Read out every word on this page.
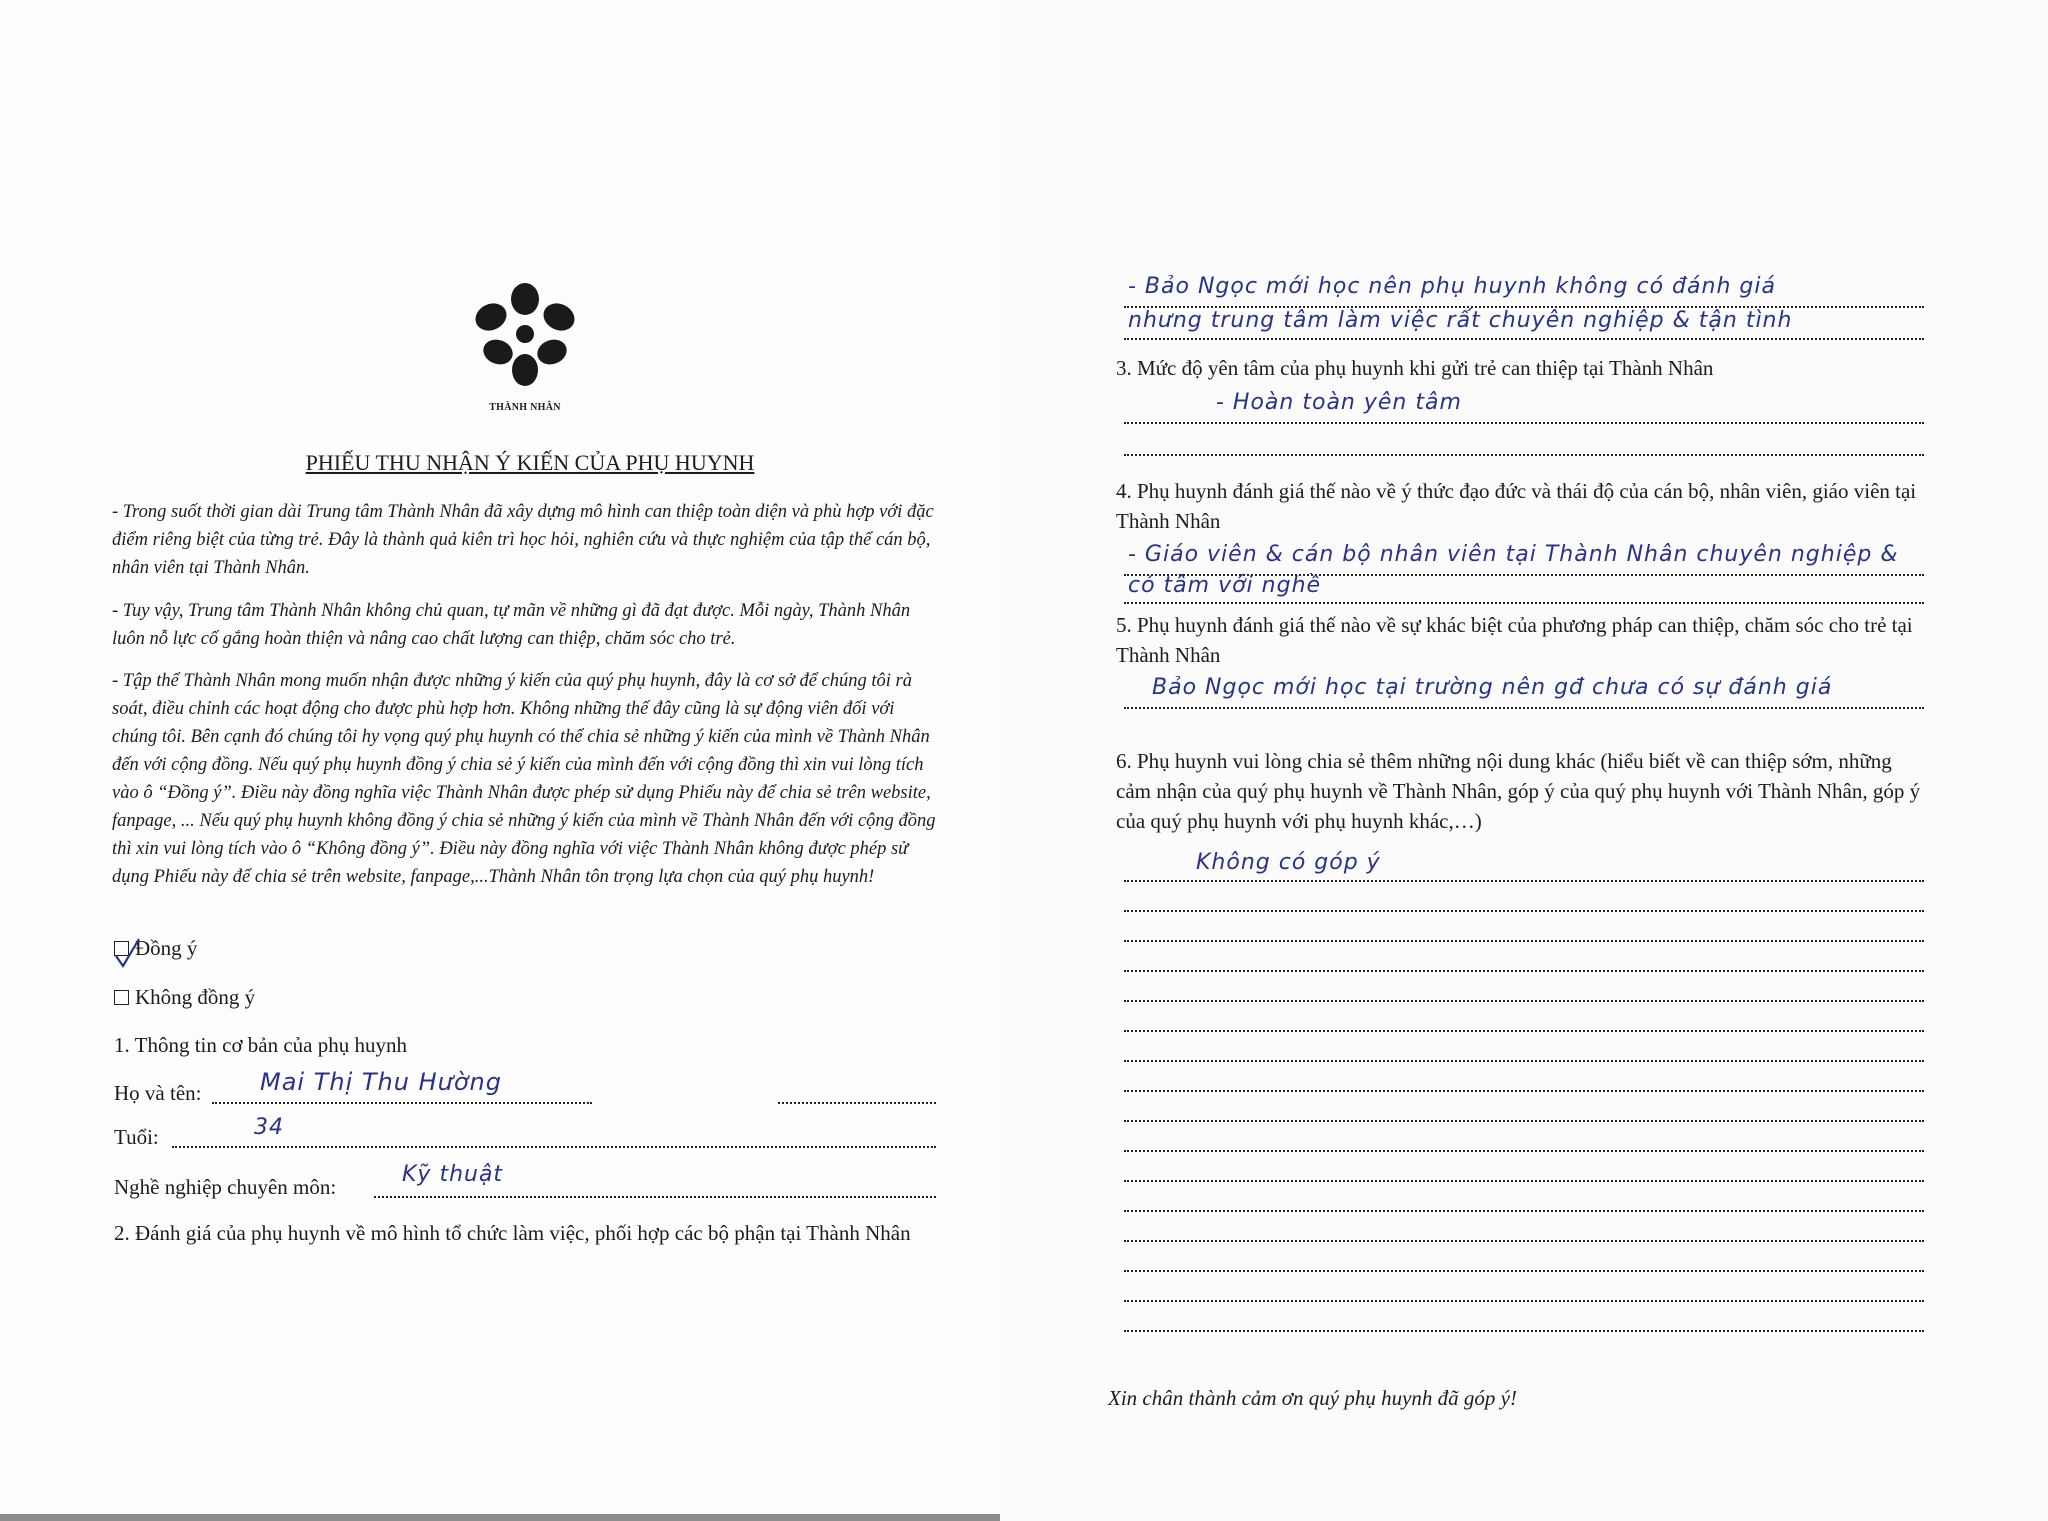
THÀNH NHÂN
PHIẾU THU NHẬN Ý KIẾN CỦA PHỤ HUYNH

- Trong suốt thời gian dài Trung tâm Thành Nhân đã xây dựng mô hình can thiệp toàn diện và phù hợp với đặc điểm riêng biệt của từng trẻ. Đây là thành quả kiên trì học hỏi, nghiên cứu và thực nghiệm của tập thể cán bộ, nhân viên tại Thành Nhân.

- Tuy vậy, Trung tâm Thành Nhân không chủ quan, tự mãn về những gì đã đạt được. Mỗi ngày, Thành Nhân luôn nỗ lực cố gắng hoàn thiện và nâng cao chất lượng can thiệp, chăm sóc cho trẻ.

- Tập thể Thành Nhân mong muốn nhận được những ý kiến của quý phụ huynh, đây là cơ sở để chúng tôi rà soát, điều chỉnh các hoạt động cho được phù hợp hơn. Không những thế đây cũng là sự động viên đối với chúng tôi. Bên cạnh đó chúng tôi hy vọng quý phụ huynh có thể chia sẻ những ý kiến của mình về Thành Nhân đến với cộng đồng. Nếu quý phụ huynh đồng ý chia sẻ ý kiến của mình đến với cộng đồng thì xin vui lòng tích vào ô “Đồng ý”. Điều này đồng nghĩa việc Thành Nhân được phép sử dụng Phiếu này để chia sẻ trên website, fanpage, ... Nếu quý phụ huynh không đồng ý chia sẻ những ý kiến của mình về Thành Nhân đến với cộng đồng thì xin vui lòng tích vào ô “Không đồng ý”. Điều này đồng nghĩa với việc Thành Nhân không được phép sử dụng Phiếu này để chia sẻ trên website, fanpage,...Thành Nhân tôn trọng lựa chọn của quý phụ huynh!

Đồng ý
Không đồng ý
1. Thông tin cơ bản của phụ huynh
Họ và tên: Mai Thị Thu Hường
Tuổi:	34
Nghề nghiệp chuyên môn:	Kỹ thuật
2. Đánh giá của phụ huynh về mô hình tổ chức làm việc, phối hợp các bộ phận tại Thành Nhân
- Bảo Ngọc mới học nên phụ huynh không có đánh giá
nhưng trung tâm làm việc rất chuyên nghiệp & tận tình
3. Mức độ yên tâm của phụ huynh khi gửi trẻ can thiệp tại Thành Nhân
- Hoàn toàn yên tâm
4. Phụ huynh đánh giá thế nào về ý thức đạo đức và thái độ của cán bộ, nhân viên, giáo viên tại Thành Nhân
- Giáo viên & cán bộ nhân viên tại Thành Nhân chuyên nghiệp &
có tâm với nghề
5. Phụ huynh đánh giá thế nào về sự khác biệt của phương pháp can thiệp, chăm sóc cho trẻ tại Thành Nhân
Bảo Ngọc mới học tại trường nên gđ chưa có sự đánh giá
6. Phụ huynh vui lòng chia sẻ thêm những nội dung khác (hiểu biết về can thiệp sớm, những cảm nhận của quý phụ huynh về Thành Nhân, góp ý của quý phụ huynh với Thành Nhân, góp ý của quý phụ huynh với phụ huynh khác,…)
Không có góp ý
Xin chân thành cảm ơn quý phụ huynh đã góp ý!
